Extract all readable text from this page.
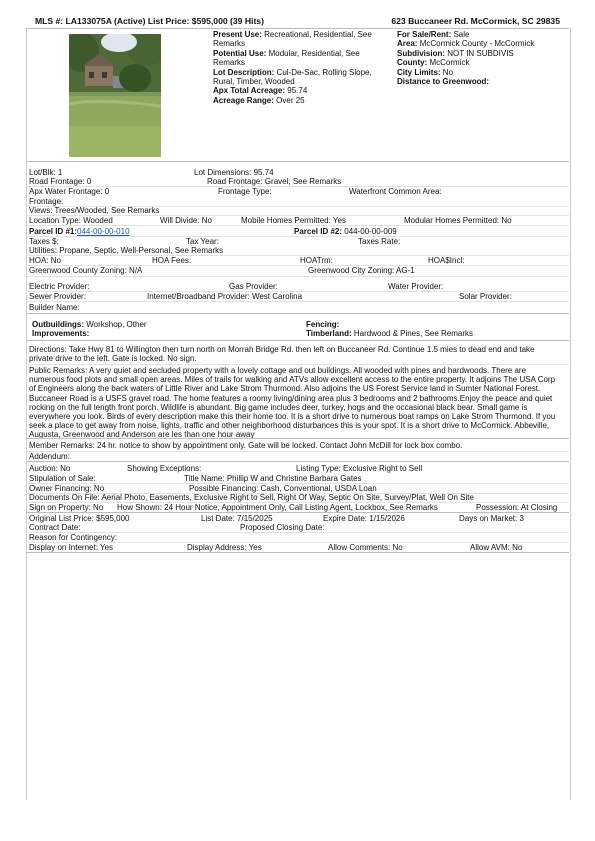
MLS #: LA133075A (Active) List Price: $595,000 (39 Hits)	623 Buccaneer Rd. McCormick, SC 29835
Present Use: Recreational, Residential, See Remarks
Potential Use: Modular, Residential, See Remarks
Lot Description: Cul-De-Sac, Rolling Slope, Rural, Timber, Wooded
Apx Total Acreage: 95.74
Acreage Range: Over 25
For Sale/Rent: Sale
Area: McCormick County - McCormick
Subdivision: NOT IN SUBDIVIS
County: McCormick
City Limits: No
Distance to Greenwood:
Lot/Blk: 1	Lot Dimensions: 95.74
Road Frontage: 0	Road Frontage: Gravel, See Remarks
Apx Water Frontage: 0	Frontage Type:	Waterfront Common Area:
Frontage:
Views: Trees/Wooded, See Remarks
Location Type: Wooded	Will Divide: No	Mobile Homes Permitted: Yes	Modular Homes Permitted: No
Parcel ID #1:044-00-00-010	Parcel ID #2: 044-00-00-009
Taxes $:	Tax Year:	Taxes Rate:
Utilities: Propane, Septic, Well-Personal, See Remarks
HOA: No	HOA Fees:	HOATrm:	HOA$Incl:
Greenwood County Zoning: N/A	Greenwood City Zoning: AG-1
Electric Provider:	Gas Provider:	Water Provider:
Sewer Provider:	Internet/Broadband Provider: West Carolina	Solar Provider:
Builder Name:
Outbuildings: Workshop, Other	Fencing:
Improvements:	Timberland: Hardwood & Pines, See Remarks
Directions: Take Hwy 81 to Willington then turn north on Morrah Bridge Rd. then left on Buccaneer Rd. Continue 1.5 mies to dead end and take private drive to the left. Gate is locked. No sign.
Public Remarks: A very quiet and secluded property with a lovely cottage and out buildings. All wooded with pines and hardwoods. There are numerous food plots and small open areas. Miles of trails for walking and ATVs allow excellent access to the entire property. It adjoins The USA Corp of Engineers along the back waters of Little River and Lake Strom Thurmond. Also adjoins the US Forest Service land in Sumter National Forest. Buccaneer Road is a USFS gravel road. The home features a roomy living/dining area plus 3 bedrooms and 2 bathrooms.Enjoy the peace and quiet rocking on the full length front porch. Wildlife is abundant. Big game includes deer, turkey, hogs and the occasional black bear. Small game is everywhere you look. Birds of every description make this their home too. It is a short drive to numerous boat ramps on Lake Strom Thurmond. If you seek a place to get away from noise, lights, traffic and other neighborhood disturbances this is your spot. It is a short drive to McCormick. Abbeville, Augusta, Greenwood and Anderson are les than one hour away
Member Remarks: 24 hr. notice to show by appointment only. Gate will be locked. Contact John McDill for lock box combo.
Addendum:
Auction: No	Showing Exceptions:	Listing Type: Exclusive Right to Sell
Stipulation of Sale:	Title Name: Phillip W and Christine Barbara Gates
Owner Financing: No	Possible Financing: Cash, Conventional, USDA Loan
Documents On File: Aerial Photo, Easements, Exclusive Right to Sell, Right Of Way, Septic On Site, Survey/Plat, Well On Site
Sign on Property: No How Shown: 24 Hour Notice, Appointment Only, Call Listing Agent, Lockbox, See Remarks	Possession: At Closing
Original List Price: $595,000	List Date: 7/15/2025	Expire Date: 1/15/2026	Days on Market: 3
Contract Date:	Proposed Closing Date:
Reason for Contingency:
Display on Internet: Yes	Display Address: Yes	Allow Comments: No	Allow AVM: No
